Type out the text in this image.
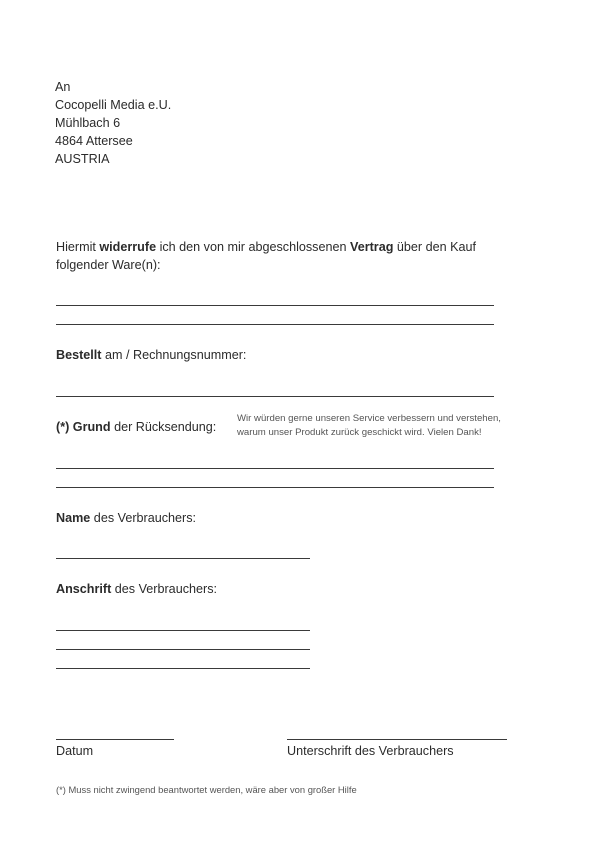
An
Cocopelli Media e.U.
Mühlbach 6
4864 Attersee
AUSTRIA
Hiermit widerrufe ich den von mir abgeschlossenen Vertrag über den Kauf
folgender Ware(n):
Bestellt am / Rechnungsnummer:
(*) Grund der Rücksendung:
Wir würden gerne unseren Service verbessern und verstehen,
warum unser Produkt zurück geschickt wird. Vielen Dank!
Name des Verbrauchers:
Anschrift des Verbrauchers:
Datum	Unterschrift des Verbrauchers
(*) Muss nicht zwingend beantwortet werden, wäre aber von großer Hilfe
